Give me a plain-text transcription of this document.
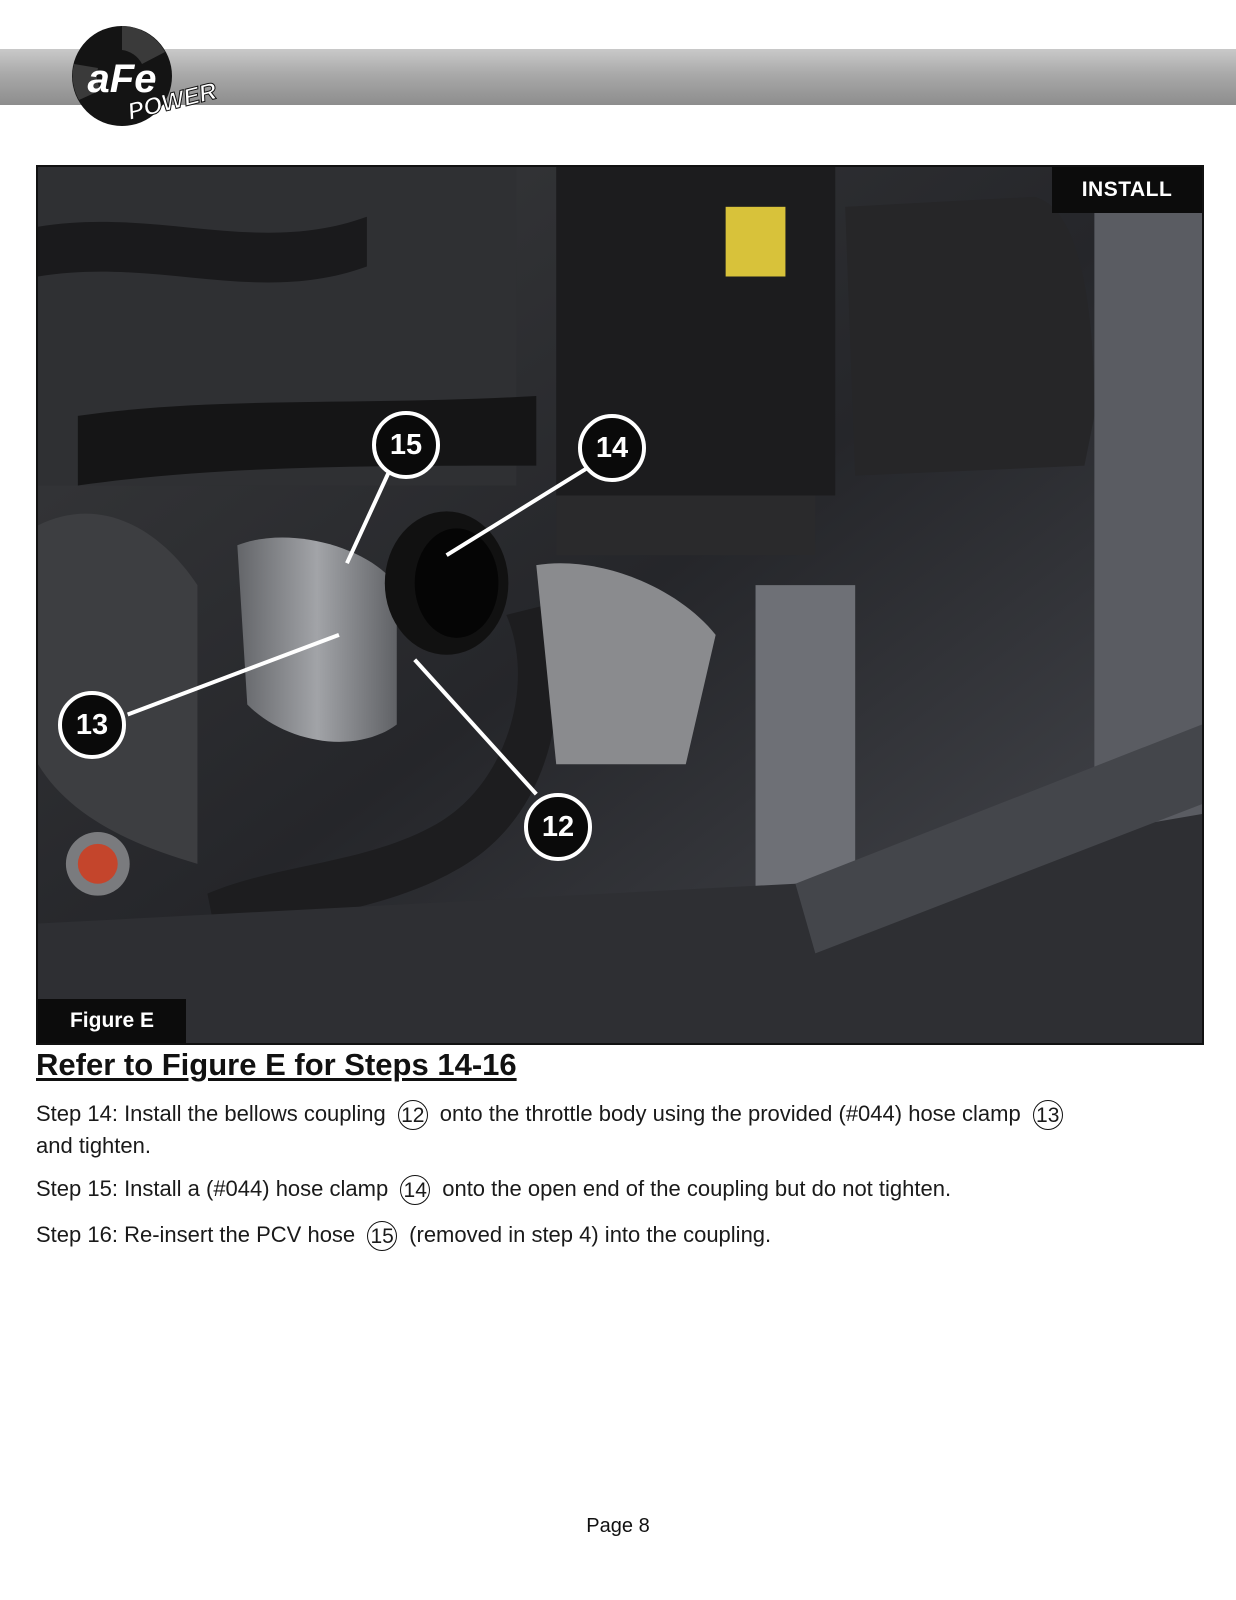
aFe
POWER
INSTALL
Figure E
15	14
13
12
Refer to Figure E for Steps 14-16
Step 14: Install the bellows coupling 12 onto the throttle body using the provided (#044) hose clamp 13
and tighten.
Step 15: Install a (#044) hose clamp 14 onto the open end of the coupling but do not tighten.
Step 16: Re-insert the PCV hose 15 (removed in step 4) into the coupling.
Page 8
